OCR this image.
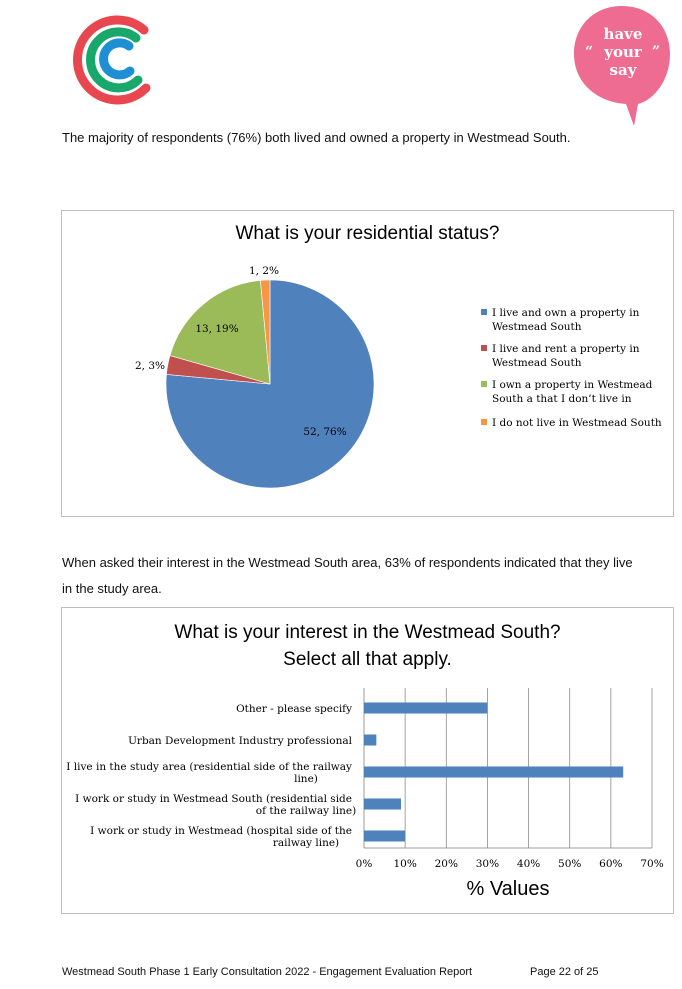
have
your
say
“	”
The majority of respondents (76%) both lived and owned a property in Westmead South.
What is your residential status?
52, 76%
2, 3%
13, 19%
1, 2%
I live and own a property in
Westmead South
I live and rent a property in
Westmead South
I own a property in Westmead
South a that I don’t live in
I do not live in Westmead South
When asked their interest in the Westmead South area, 63% of respondents indicated that they live in the study area.
What is your interest in the Westmead South?
Select all that apply.
Other - please specify
Urban Development Industry professional
I live in the study area (residential side of the railway
line)
I work or study in Westmead South (residential side
of the railway line)
I work or study in Westmead (hospital side of the
railway line)
0% 10% 20% 30% 40% 50% 60% 70%
% Values
Westmead South Phase 1 Early Consultation 2022 - Engagement Evaluation Report	Page 22 of 25
